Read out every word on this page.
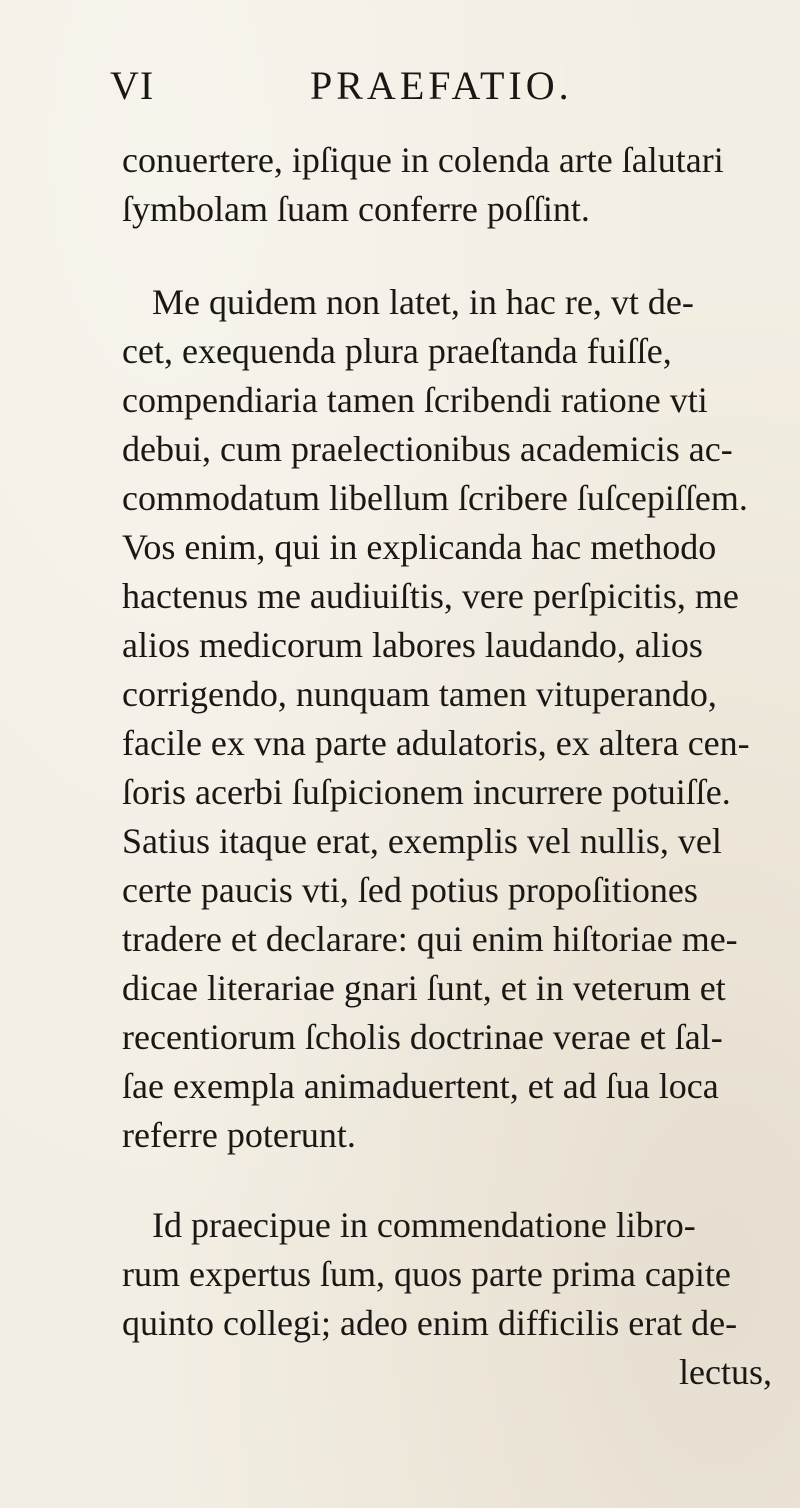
VI	PRAEFATIO.
conuertere, ipſique in colenda arte ſalutari
ſymbolam ſuam conferre poſſint.
Me quidem non latet, in hac re, vt de-
cet, exequenda plura praeſtanda fuiſſe,
compendiaria tamen ſcribendi ratione vti
debui, cum praelectionibus academicis ac-
commodatum libellum ſcribere ſuſcepiſſem.
Vos enim, qui in explicanda hac methodo
hactenus me audiuiſtis, vere perſpicitis, me
alios medicorum labores laudando, alios
corrigendo, nunquam tamen vituperando,
facile ex vna parte adulatoris, ex altera cen-
ſoris acerbi ſuſpicionem incurrere potuiſſe.
Satius itaque erat, exemplis vel nullis, vel
certe paucis vti, ſed potius propoſitiones
tradere et declarare: qui enim hiſtoriae me-
dicae literariae gnari ſunt, et in veterum et
recentiorum ſcholis doctrinae verae et ſal-
ſae exempla animaduertent, et ad ſua loca
referre poterunt.
Id praecipue in commendatione libro-
rum expertus ſum, quos parte prima capite
quinto collegi; adeo enim difficilis erat de-
lectus,
